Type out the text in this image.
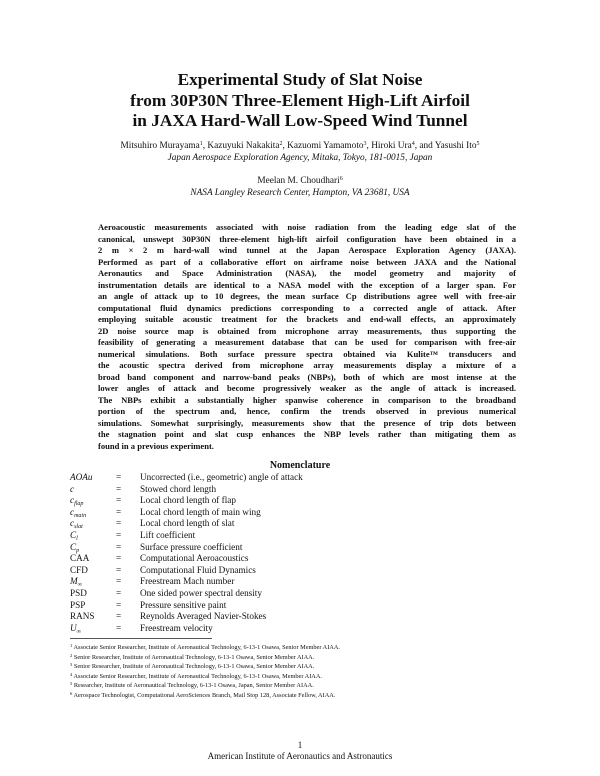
Experimental Study of Slat Noise
from 30P30N Three-Element High-Lift Airfoil
in JAXA Hard-Wall Low-Speed Wind Tunnel
Mitsuhiro Murayama$^1$, Kazuyuki Nakakita$^2$, Kazuomi Yamamoto$^3$, Hiroki Ura$^4$, and Yasushi Ito$^5$
Japan Aerospace Exploration Agency, Mitaka, Tokyo, 181-0015, Japan
Meelan M. Choudhari$^6$
NASA Langley Research Center, Hampton, VA 23681, USA

Aeroacoustic measurements associated with noise radiation from the leading edge slat of the

canonical, unswept 30P30N three-element high-lift airfoil configuration have been obtained in a

2 m × 2 m hard-wall wind tunnel at the Japan Aerospace Exploration Agency (JAXA).

Performed as part of a collaborative effort on airframe noise between JAXA and the National

Aeronautics and Space Administration (NASA), the model geometry and majority of

instrumentation details are identical to a NASA model with the exception of a larger span. For

an angle of attack up to 10 degrees, the mean surface Cp distributions agree well with free-air

computational fluid dynamics predictions corresponding to a corrected angle of attack. After

employing suitable acoustic treatment for the brackets and end-wall effects, an approximately

2D noise source map is obtained from microphone array measurements, thus supporting the

feasibility of generating a measurement database that can be used for comparison with free-air

numerical simulations. Both surface pressure spectra obtained via Kulite™ transducers and

the acoustic spectra derived from microphone array measurements display a mixture of a

broad band component and narrow-band peaks (NBPs), both of which are most intense at the

lower angles of attack and become progressively weaker as the angle of attack is increased.

The NBPs exhibit a substantially higher spanwise coherence in comparison to the broadband

portion of the spectrum and, hence, confirm the trends observed in previous numerical

simulations. Somewhat surprisingly, measurements show that the presence of trip dots between

the stagnation point and slat cusp enhances the NBP levels rather than mitigating them as

found in a previous experiment.

Nomenclature
AOAu	= Uncorrected (i.e., geometric) angle of attack
c	= Stowed chord length
$c_{flap}$	= Local chord length of flap
$c_{main}$	= Local chord length of main wing
$c_{slat}$	= Local chord length of slat
$C_l$	= Lift coefficient
$C_p$	= Surface pressure coefficient
CAA	= Computational Aeroacoustics
CFD	= Computational Fluid Dynamics
$M_\infty$	= Freestream Mach number
PSD	= One sided power spectral density
PSP	= Pressure sensitive paint
RANS	= Reynolds Averaged Navier-Stokes
$U_\infty$	= Freestream velocity
$^1$ Associate Senior Researcher, Institute of Aeronautical Technology, 6-13-1 Osawa, Senior Member AIAA.
$^2$ Senior Researcher, Institute of Aeronautical Technology, 6-13-1 Osawa, Senior Member AIAA.
$^3$ Senior Researcher, Institute of Aeronautical Technology, 6-13-1 Osawa, Senior Member AIAA.
$^4$ Associate Senior Researcher, Institute of Aeronautical Technology, 6-13-1 Osawa, Member AIAA.
$^5$ Researcher, Institute of Aeronautical Technology, 6-13-1 Osawa, Japan, Senior Member AIAA.
$^6$ Aerospace Technologist, Computational AeroSciences Branch, Mail Stop 128, Associate Fellow, AIAA.
1
American Institute of Aeronautics and Astronautics
